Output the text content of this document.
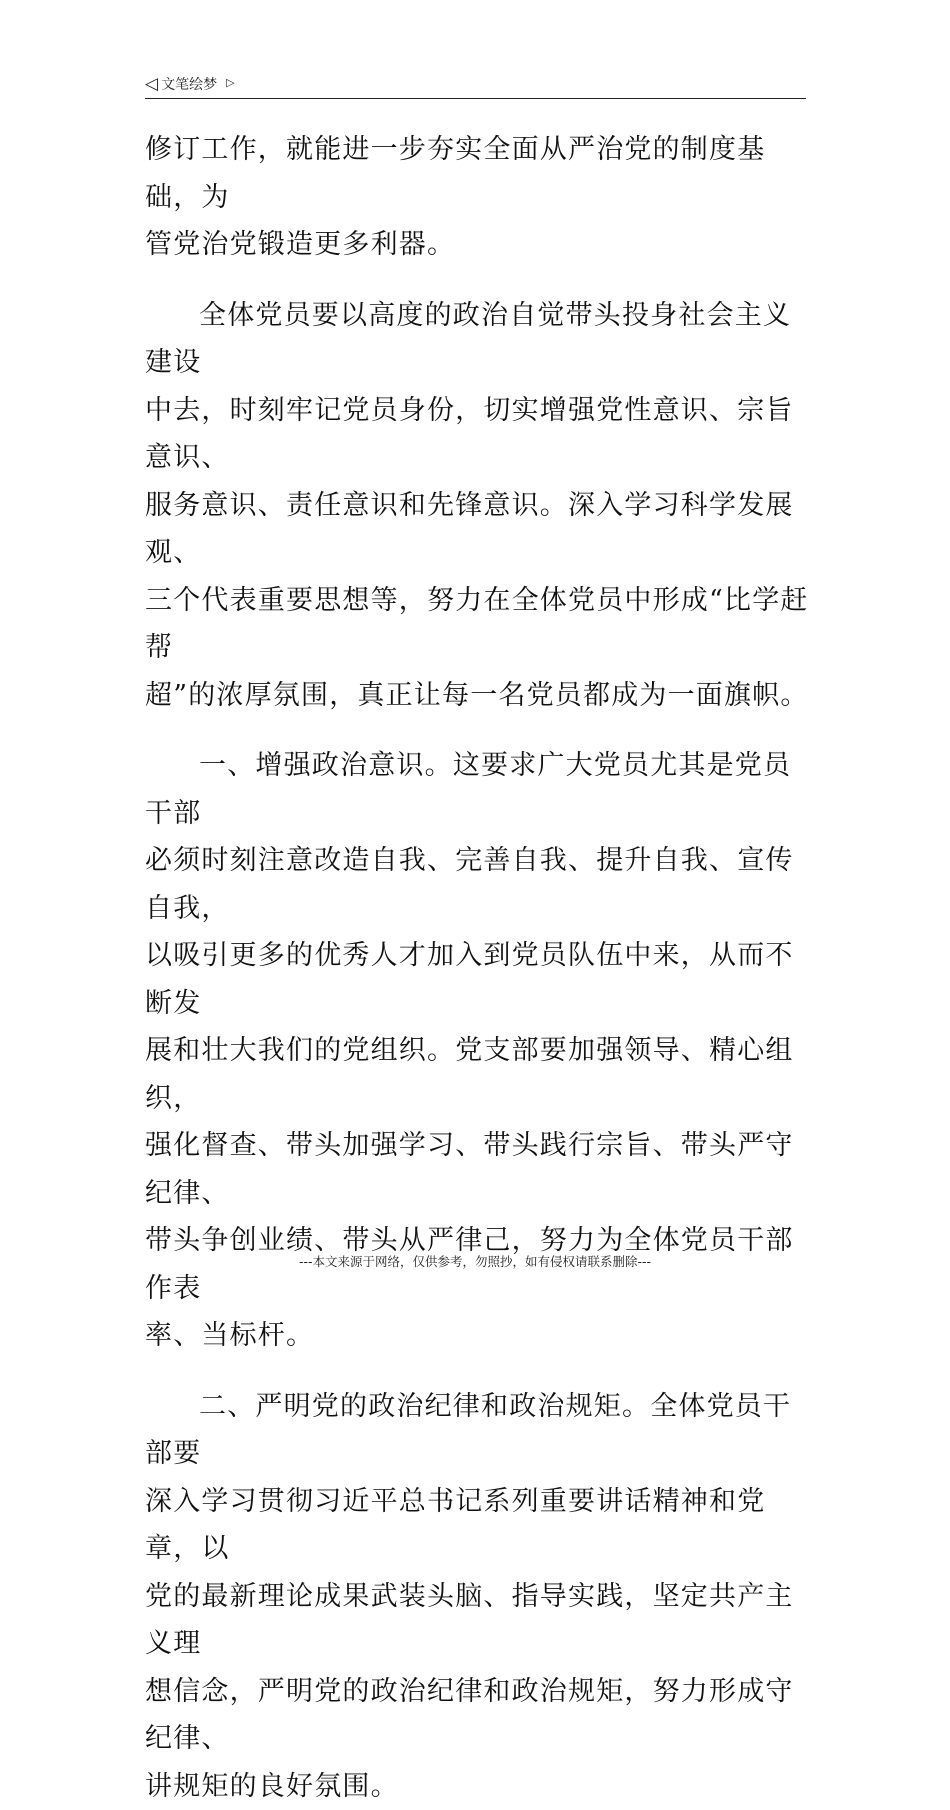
◁ 文笔绘梦 ▷

修订工作，就能进一步夯实全面从严治党的制度基础，为
管党治党锻造更多利器。

全体党员要以高度的政治自觉带头投身社会主义建设
中去，时刻牢记党员身份，切实增强党性意识、宗旨意识、
服务意识、责任意识和先锋意识。深入学习科学发展观、
三个代表重要思想等，努力在全体党员中形成“比学赶帮
超”的浓厚氛围，真正让每一名党员都成为一面旗帜。

一、增强政治意识。这要求广大党员尤其是党员干部
必须时刻注意改造自我、完善自我、提升自我、宣传自我，
以吸引更多的优秀人才加入到党员队伍中来，从而不断发
展和壮大我们的党组织。党支部要加强领导、精心组织，
强化督查、带头加强学习、带头践行宗旨、带头严守纪律、
带头争创业绩、带头从严律己，努力为全体党员干部作表
率、当标杆。

二、严明党的政治纪律和政治规矩。全体党员干部要
深入学习贯彻习近平总书记系列重要讲话精神和党章，以
党的最新理论成果武装头脑、指导实践，坚定共产主义理
想信念，严明党的政治纪律和政治规矩，努力形成守纪律、
讲规矩的良好氛围。

---本文来源于网络，仅供参考，勿照抄，如有侵权请联系删除---
